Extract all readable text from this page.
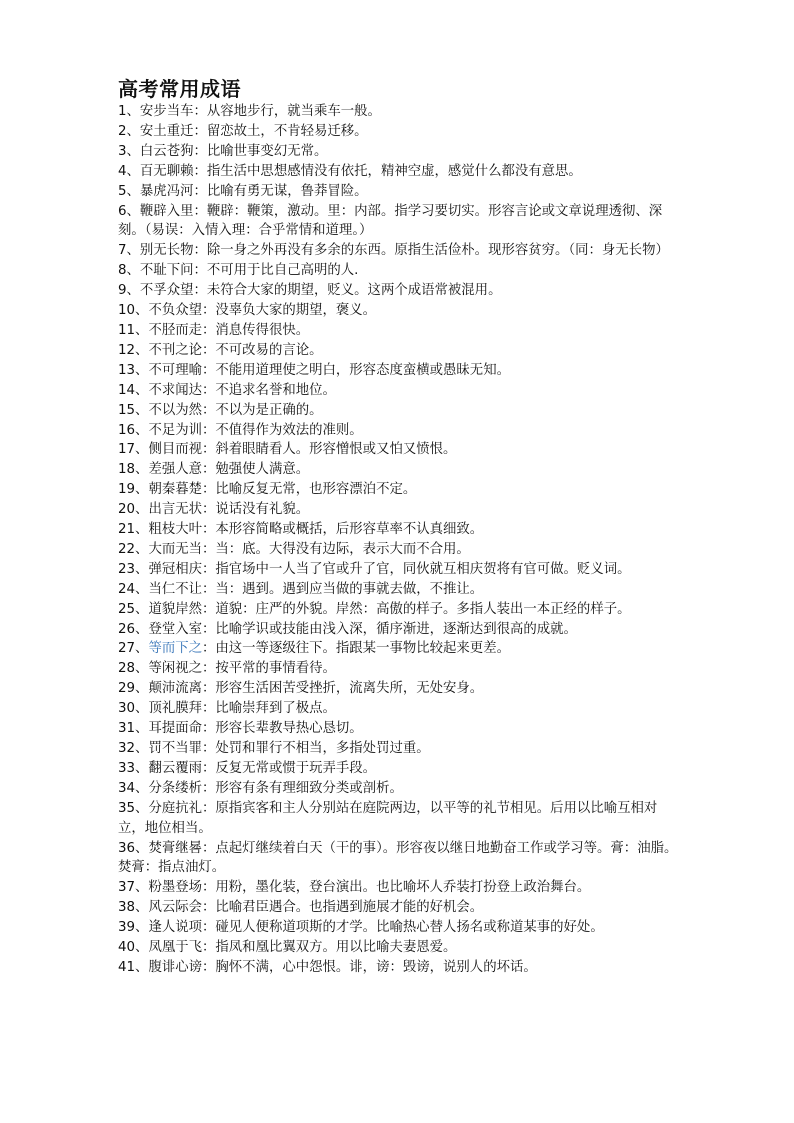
高考常用成语
1、安步当车：从容地步行，就当乘车一般。
2、安土重迁：留恋故土，不肯轻易迁移。
3、白云苍狗：比喻世事变幻无常。
4、百无聊赖：指生活中思想感情没有依托，精神空虚，感觉什么都没有意思。
5、暴虎冯河：比喻有勇无谋，鲁莽冒险。
6、鞭辟入里：鞭辟：鞭策，激动。里：内部。指学习要切实。形容言论或文章说理透彻、深刻。（易误：入情入理：合乎常情和道理。）
7、别无长物：除一身之外再没有多余的东西。原指生活俭朴。现形容贫穷。（同：身无长物）
8、不耻下问：不可用于比自己高明的人.
9、不孚众望：未符合大家的期望，贬义。这两个成语常被混用。
10、不负众望：没辜负大家的期望，褒义。
11、不胫而走：消息传得很快。
12、不刊之论：不可改易的言论。
13、不可理喻：不能用道理使之明白，形容态度蛮横或愚昧无知。
14、不求闻达：不追求名誉和地位。
15、不以为然：不以为是正确的。
16、不足为训：不值得作为效法的准则。
17、侧目而视：斜着眼睛看人。形容憎恨或又怕又愤恨。
18、差强人意：勉强使人满意。
19、朝秦暮楚：比喻反复无常，也形容漂泊不定。
20、出言无状：说话没有礼貌。
21、粗枝大叶：本形容简略或概括，后形容草率不认真细致。
22、大而无当：当：底。大得没有边际，表示大而不合用。
23、弹冠相庆：指官场中一人当了官或升了官，同伙就互相庆贺将有官可做。贬义词。
24、当仁不让：当：遇到。遇到应当做的事就去做，不推让。
25、道貌岸然：道貌：庄严的外貌。岸然：高傲的样子。多指人装出一本正经的样子。
26、登堂入室：比喻学识或技能由浅入深，循序渐进，逐渐达到很高的成就。
27、等而下之：由这一等逐级往下。指跟某一事物比较起来更差。
28、等闲视之：按平常的事情看待。
29、颠沛流离：形容生活困苦受挫折，流离失所，无处安身。
30、顶礼膜拜：比喻崇拜到了极点。
31、耳提面命：形容长辈教导热心恳切。
32、罚不当罪：处罚和罪行不相当，多指处罚过重。
33、翻云覆雨：反复无常或惯于玩弄手段。
34、分条缕析：形容有条有理细致分类或剖析。
35、分庭抗礼：原指宾客和主人分别站在庭院两边，以平等的礼节相见。后用以比喻互相对立，地位相当。
36、焚膏继晷：点起灯继续着白天（干的事）。形容夜以继日地勤奋工作或学习等。膏：油脂。焚膏：指点油灯。
37、粉墨登场：用粉，墨化装，登台演出。也比喻坏人乔装打扮登上政治舞台。
38、风云际会：比喻君臣遇合。也指遇到施展才能的好机会。
39、逢人说项：碰见人便称道项斯的才学。比喻热心替人扬名或称道某事的好处。
40、凤凰于飞：指凤和凰比翼双方。用以比喻夫妻恩爱。
41、腹诽心谤：胸怀不满，心中怨恨。诽，谤：毁谤，说别人的坏话。
